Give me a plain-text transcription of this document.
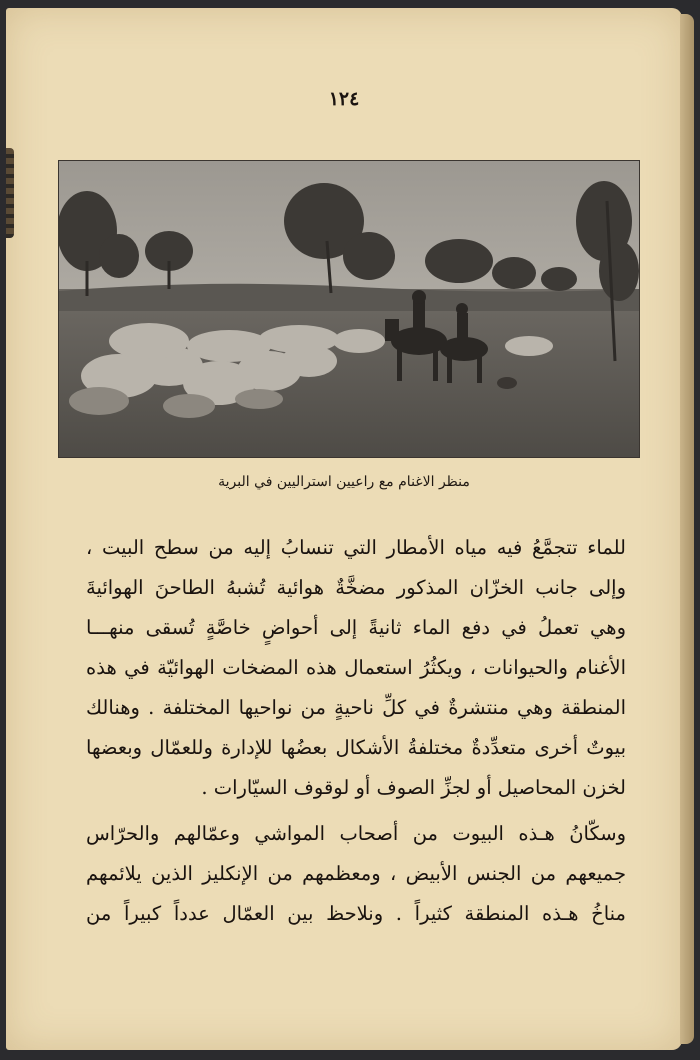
١٢٤
منظر الاغنام مع راعيين استراليين في البرية

للماء تتجمَّعُ فيه مياه الأمطار التي تنسابُ إليه من سطح البيت ،
وإلى جانب الخزّان المذكور مضخَّةٌ هوائية تُشبهُ الطاحنَ الهوائيةَ
وهي تعملُ في دفع الماء ثانيةً إلى أحواضٍ خاصَّةٍ تُسقى منهـــا
الأغنام والحيوانات ، ويكثُرُ استعمال هذه المضخات الهوائيّة في هذه
المنطقة وهي منتشرةٌ في كلِّ ناحيةٍ من نواحيها المختلفة . وهنالك
بيوتٌ أخرى متعدِّدةٌ مختلفةُ الأشكال بعضُها للإدارة وللعمّال وبعضها
لخزن المحاصيل أو لجزِّ الصوف أو لوقوف السيّارات .

وسكّانُ هـذه البيوت من أصحاب المواشي وعمّالهم والحرّاس
جميعهم من الجنس الأبيض ، ومعظمهم من الإنكليز الذين يلائمهم
مناخُ هـذه المنطقة كثيراً . ونلاحظ بين العمّال عدداً كبيراً من
